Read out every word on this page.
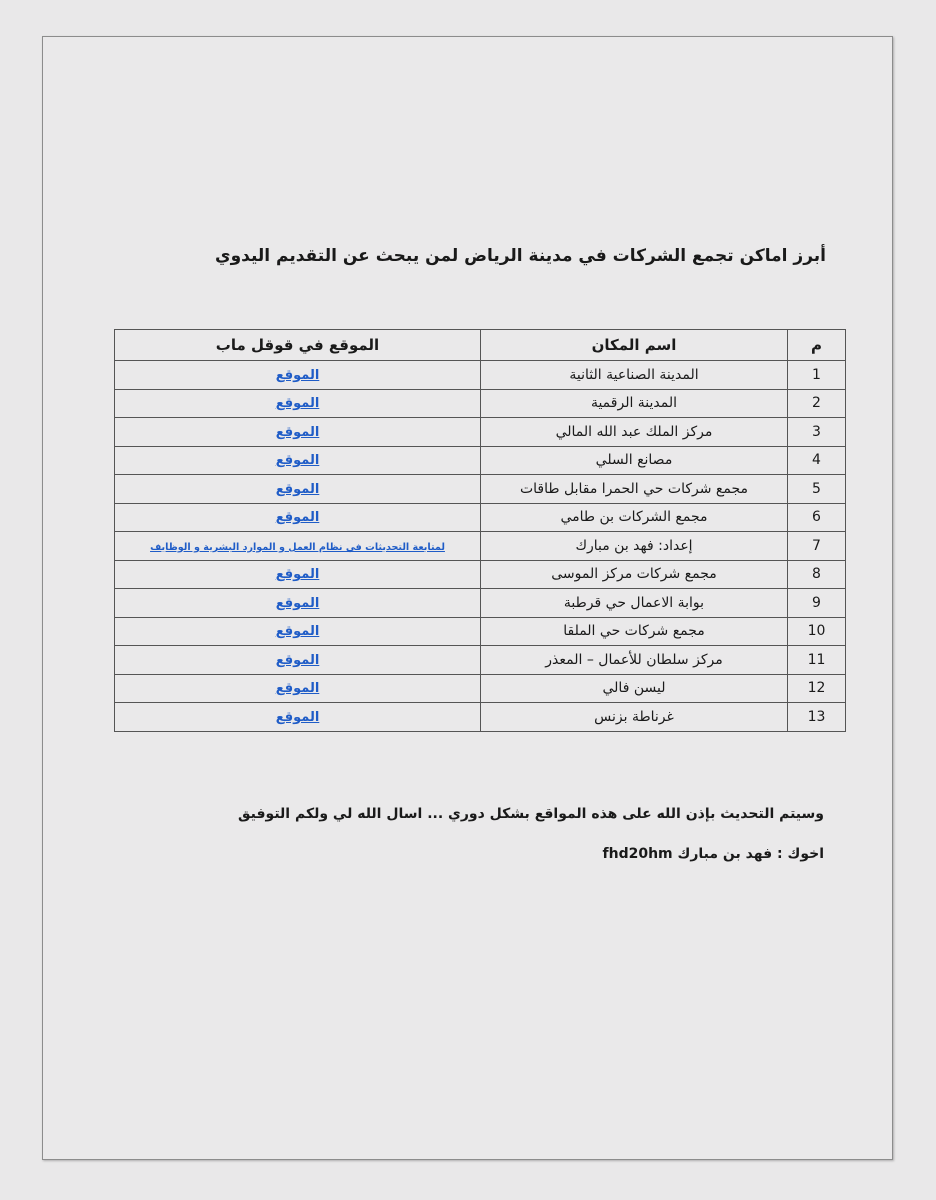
أبرز اماكن تجمع الشركات في مدينة الرياض لمن يبحث عن التقديم اليدوي
م	اسم المكان	الموقع في قوقل ماب
1	المدينة الصناعية الثانية	الموقع
2	المدينة الرقمية	الموقع
3	مركز الملك عبد الله المالي	الموقع
4	مصانع السلي	الموقع
5	مجمع شركات حي الحمرا مقابل طاقات	الموقع
6	مجمع الشركات بن طامي	الموقع
7	إعداد: فهد بن مبارك	لمتابعة التحديثات في نظام العمل و الموارد البشرية و الوظايف
8	مجمع شركات مركز الموسى	الموقع
9	بوابة الاعمال حي قرطبة	الموقع
10	مجمع شركات حي الملقا	الموقع
11	مركز سلطان للأعمال – المعذر	الموقع
12	ليسن فالي	الموقع
13	غرناطة بزنس	الموقع
وسيتم التحديث بإذن الله على هذه المواقع بشكل دوري ... اسال الله لي ولكم التوفيق
اخوك : فهد بن مبارك fhd20hm
